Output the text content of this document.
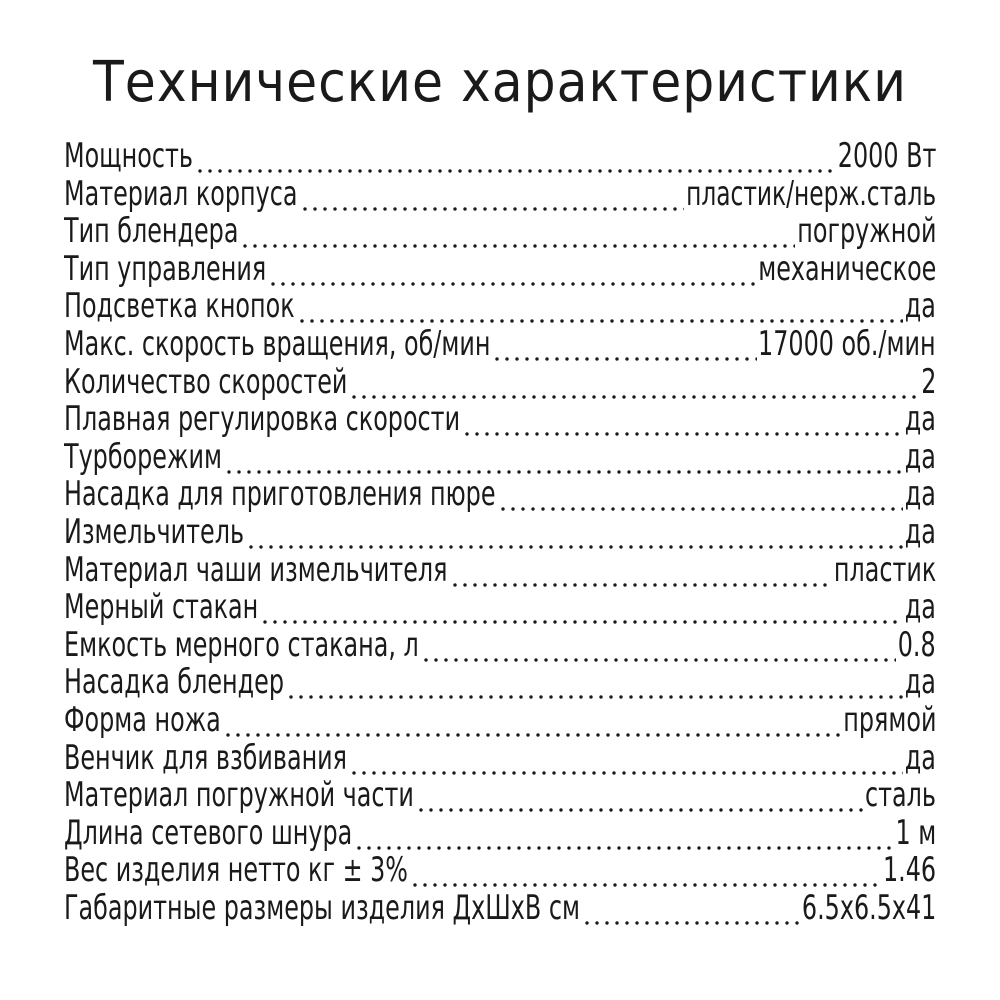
Технические характеристики
Мощность	2000 Вт
Материал корпуса	пластик/нерж.сталь
Тип блендера	погружной
Тип управления	механическое
Подсветка кнопок	да
Макс. скорость вращения, об/мин	17000 об./мин
Количество скоростей	2
Плавная регулировка скорости	да
Турборежим	да
Насадка для приготовления пюре	да
Измельчитель	да
Материал чаши измельчителя	пластик
Мерный стакан	да
Емкость мерного стакана, л	0.8
Насадка блендер	да
Форма ножа	прямой
Венчик для взбивания	да
Материал погружной части	сталь
Длина сетевого шнура	1 м
Вес изделия нетто кг ± 3%	1.46
Габаритные размеры изделия ДхШхВ см	6.5x6.5x41
